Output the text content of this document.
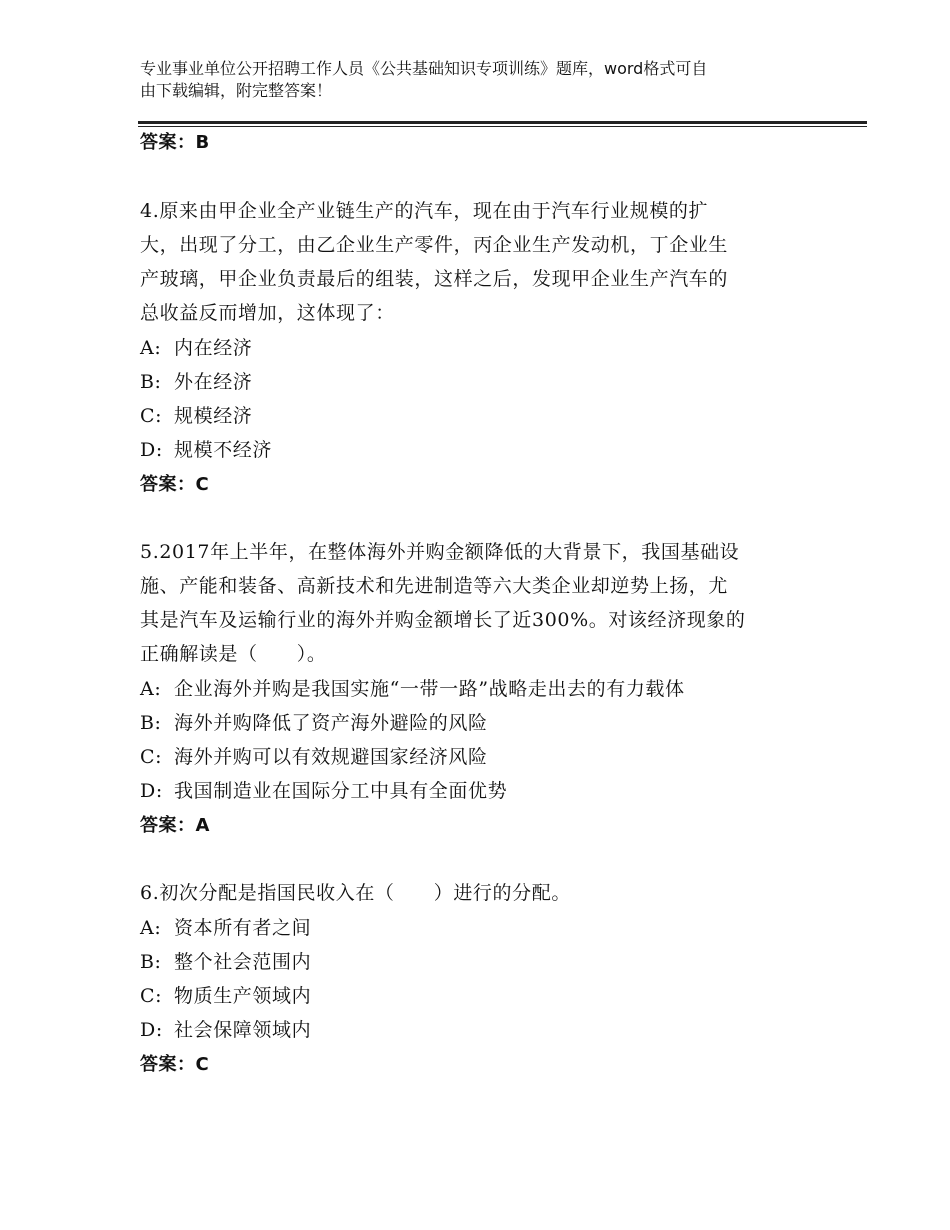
专业事业单位公开招聘工作人员《公共基础知识专项训练》题库，word格式可自
由下载编辑，附完整答案！
答案：B
4.原来由甲企业全产业链生产的汽车，现在由于汽车行业规模的扩
大，出现了分工，由乙企业生产零件，丙企业生产发动机，丁企业生
产玻璃，甲企业负责最后的组装，这样之后，发现甲企业生产汽车的
总收益反而增加，这体现了：
A: 内在经济
B: 外在经济
C: 规模经济
D: 规模不经济
答案：C
5.2017年上半年，在整体海外并购金额降低的大背景下，我国基础设
施、产能和装备、高新技术和先进制造等六大类企业却逆势上扬，尤
其是汽车及运输行业的海外并购金额增长了近300%。对该经济现象的
正确解读是（　　）。
A: 企业海外并购是我国实施“一带一路”战略走出去的有力载体
B: 海外并购降低了资产海外避险的风险
C: 海外并购可以有效规避国家经济风险
D: 我国制造业在国际分工中具有全面优势
答案：A
6.初次分配是指国民收入在（　　）进行的分配。
A: 资本所有者之间
B: 整个社会范围内
C: 物质生产领域内
D: 社会保障领域内
答案：C
